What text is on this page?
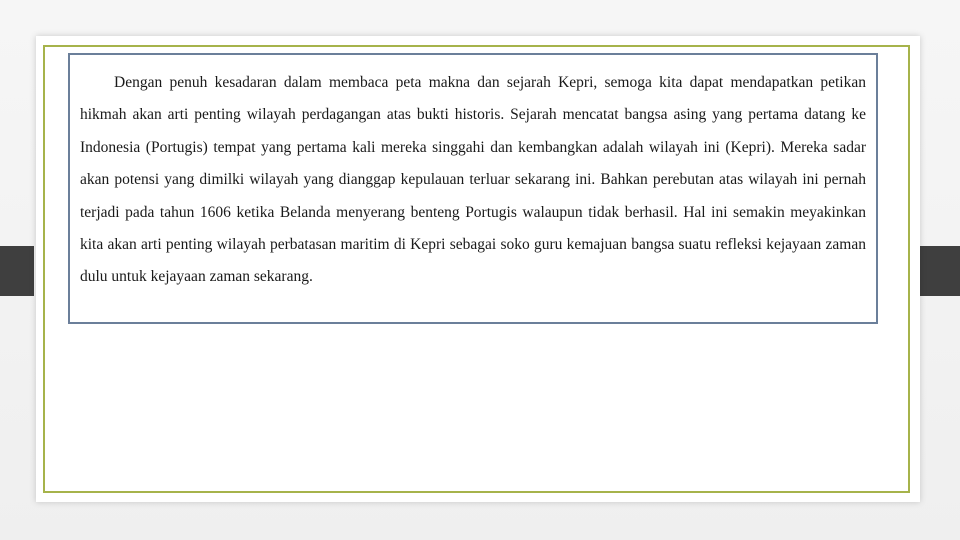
Dengan penuh kesadaran dalam membaca peta makna dan sejarah Kepri, semoga kita dapat mendapatkan petikan hikmah akan arti penting wilayah perdagangan atas bukti historis. Sejarah mencatat bangsa asing yang pertama datang ke Indonesia (Portugis) tempat yang pertama kali mereka singgahi dan kembangkan adalah wilayah ini (Kepri). Mereka sadar akan potensi yang dimilki wilayah yang dianggap kepulauan terluar sekarang ini. Bahkan perebutan atas wilayah ini pernah terjadi pada tahun 1606 ketika Belanda menyerang benteng Portugis walaupun tidak berhasil. Hal ini semakin meyakinkan kita akan arti penting wilayah perbatasan maritim di Kepri sebagai soko guru kemajuan bangsa suatu refleksi kejayaan zaman dulu untuk kejayaan zaman sekarang.
